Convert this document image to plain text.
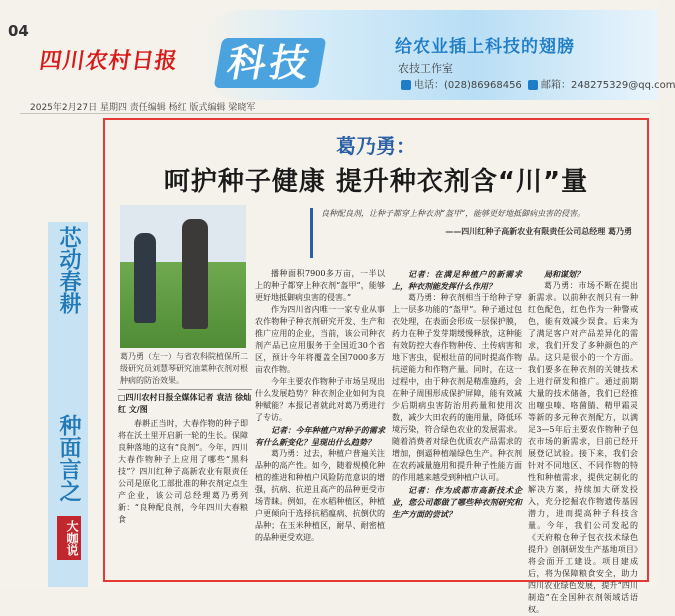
04
四川农村日报 科技	给农业插上科技的翅膀
农技工作室
电话：(028)86968456 邮箱：248275329@qq.com
2025年2月27日 星期四 责任编辑 杨红 版式编辑 梁晓军
芯动春耕
种面言之
大咖说
葛乃勇：
呵护种子健康 提升种衣剂含“川”量
良种配良剂，让种子都穿上种衣剂“盔甲”，能够更好地抵御病虫害的侵害。
——四川红种子高新农业有限责任公司总经理 葛乃勇
葛乃勇（左一）与省农科院植保所二级研究员刘慧琴研究油菜种衣剂对根肿病的防治效果。
□四川农村日报全媒体记者 袁洁 徐灿红 文/图

春耕正当时，大春作物的种子即将在沃土里开启新一轮的生长。保障良种落地的这有“良剂”。今年，四川大春作物种子上应用了哪些“黑科技”？四川红种子高新农业有限责任公司是原化工部批准的种衣剂定点生产企业，该公司总经理葛乃勇列新：“良种配良剂，今年四川大春粮食

播种面积7900多万亩，一半以上的种子都穿上种衣剂“盔甲”，能够更好地抵御病虫害的侵害。”

作为四川省内唯一一家专业从事农作物种子种衣剂研究开发、生产和推广应用的企业，当前，该公司种衣剂产品已应用服务于全国近30个省区，预计今年将覆盖全国7000多万亩农作物。

今年主要农作物种子市场呈现出什么发展趋势？种衣剂企业如何为良种赋能？本报记者就此对葛乃勇进行了专访。

记者：今年种植户对种子的需求有什么新变化？呈现出什么趋势？

葛乃勇：过去，种植户普遍关注品种的高产性。如今，随着规模化种植的推进和种植户风险防范意识的增强，抗病、抗逆且高产的品种更受市场青睐。例如，在水稻种植区，种植户更倾向于选择抗稻瘟病、抗倒伏的品种；在玉米种植区，耐旱、耐密植的品种更受欢迎。

记者：在满足种植户的新需求上，种衣剂能发挥什么作用？

葛乃勇：种衣剂相当于给种子穿上一层多功能的“盔甲”。种子通过包衣处理，在表面会形成一层保护膜，药力在种子发芽期缓慢释放，这种能有效防控大春作物种传、土传病害和地下害虫，促根壮苗的同时提高作物抗逆能力和作物产量。同时，在这一过程中，由于种衣剂是精准施药，会在种子周围形成保护屏障，能有效减少后期病虫害防治用药量和使用次数，减少大田农药的施用量，降低环境污染，符合绿色农业的发展需求。随着消费者对绿色优质农产品需求的增加，倒逼种植端绿色生产。种衣剂在农药减量施用和提升种子性能方面的作用越来越受到种植户认可。

记者：作为成都市高新技术企业，您公司都做了哪些种衣剂研究和生产方面的尝试？

局和谋划？

葛乃勇：市场不断在提出新需求。以前种衣剂只有一种红色配色，红色作为一种警戒色，能有效减少误食。后来为了满足客户对产品差异化的需求，我们开发了多种颜色的产品。这只是很小的一个方面。我们要多在种衣剂的关键技术上进行研发和推广。通过前期大量的技术储备，我们已经推出噻虫嗪、咯菌腈、精甲霜灵等新的多元种衣剂配方，以满足3—5年后主要农作物种子包衣市场的新需求，目前已经开展登记试验。接下来，我们会针对不同地区、不同作物的特性和种植需求，提供定制化的解决方案，持续加大研发投入，充分挖掘农作物遗传基因潜力，进而提高种子科技含量。今年，我们公司发起的《天府粮仓种子包衣技术绿色提升》创制研发生产基地项目》将会面开工建设。项目建成后，将为保障粮食安全，助力四川农业绿色发展，提升“四川制造”在全国种衣剂领域话语权。
